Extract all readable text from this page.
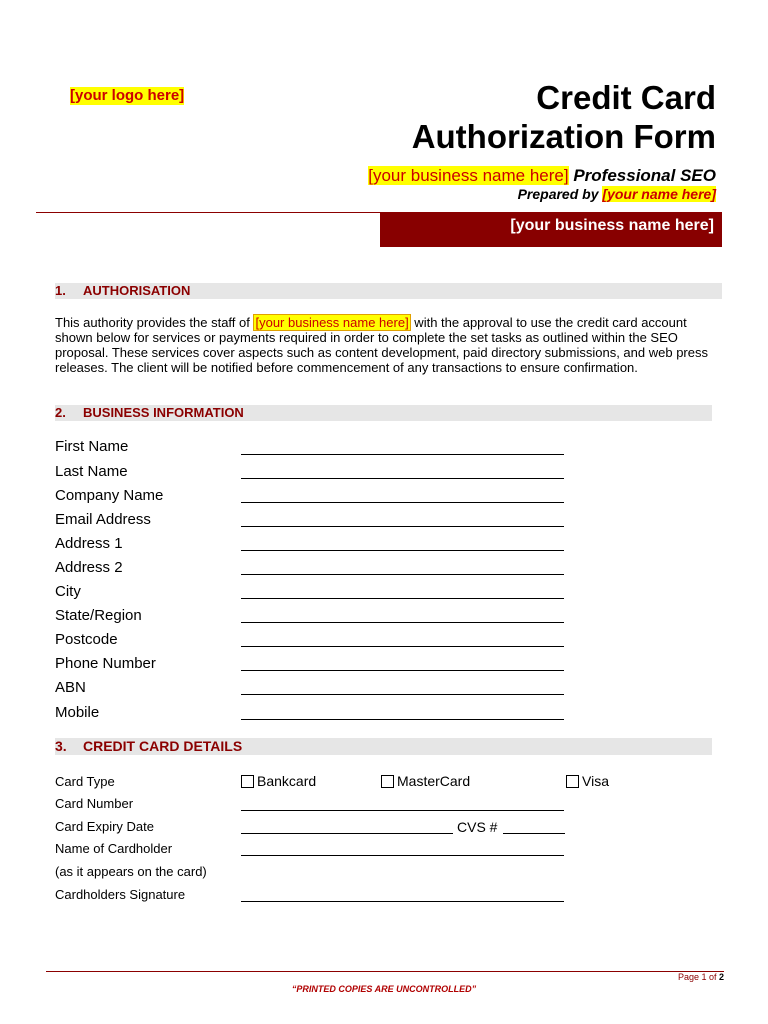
[your logo here]	Credit Card
Authorization Form
[your business name here] Professional SEO
Prepared by [your name here]
[your business name here]
1. AUTHORISATION
This authority provides the staff of [your business name here] with the approval to use the credit card account shown below for services or payments required in order to complete the set tasks as outlined within the SEO proposal. These services cover aspects such as content development, paid directory submissions, and web press releases. The client will be notified before commencement of any transactions to ensure confirmation.
2. BUSINESS INFORMATION
First Name
Last Name
Company Name
Email Address
Address 1
Address 2
City
State/Region
Postcode
Phone Number
ABN
Mobile
3. CREDIT CARD DETAILS
Card Type	Bankcard	MasterCard	Visa
Card Number
Card Expiry Date	CVS #
Name of Cardholder
(as it appears on the card)
Cardholders Signature
Page 1 of 2
“PRINTED COPIES ARE UNCONTROLLED”
